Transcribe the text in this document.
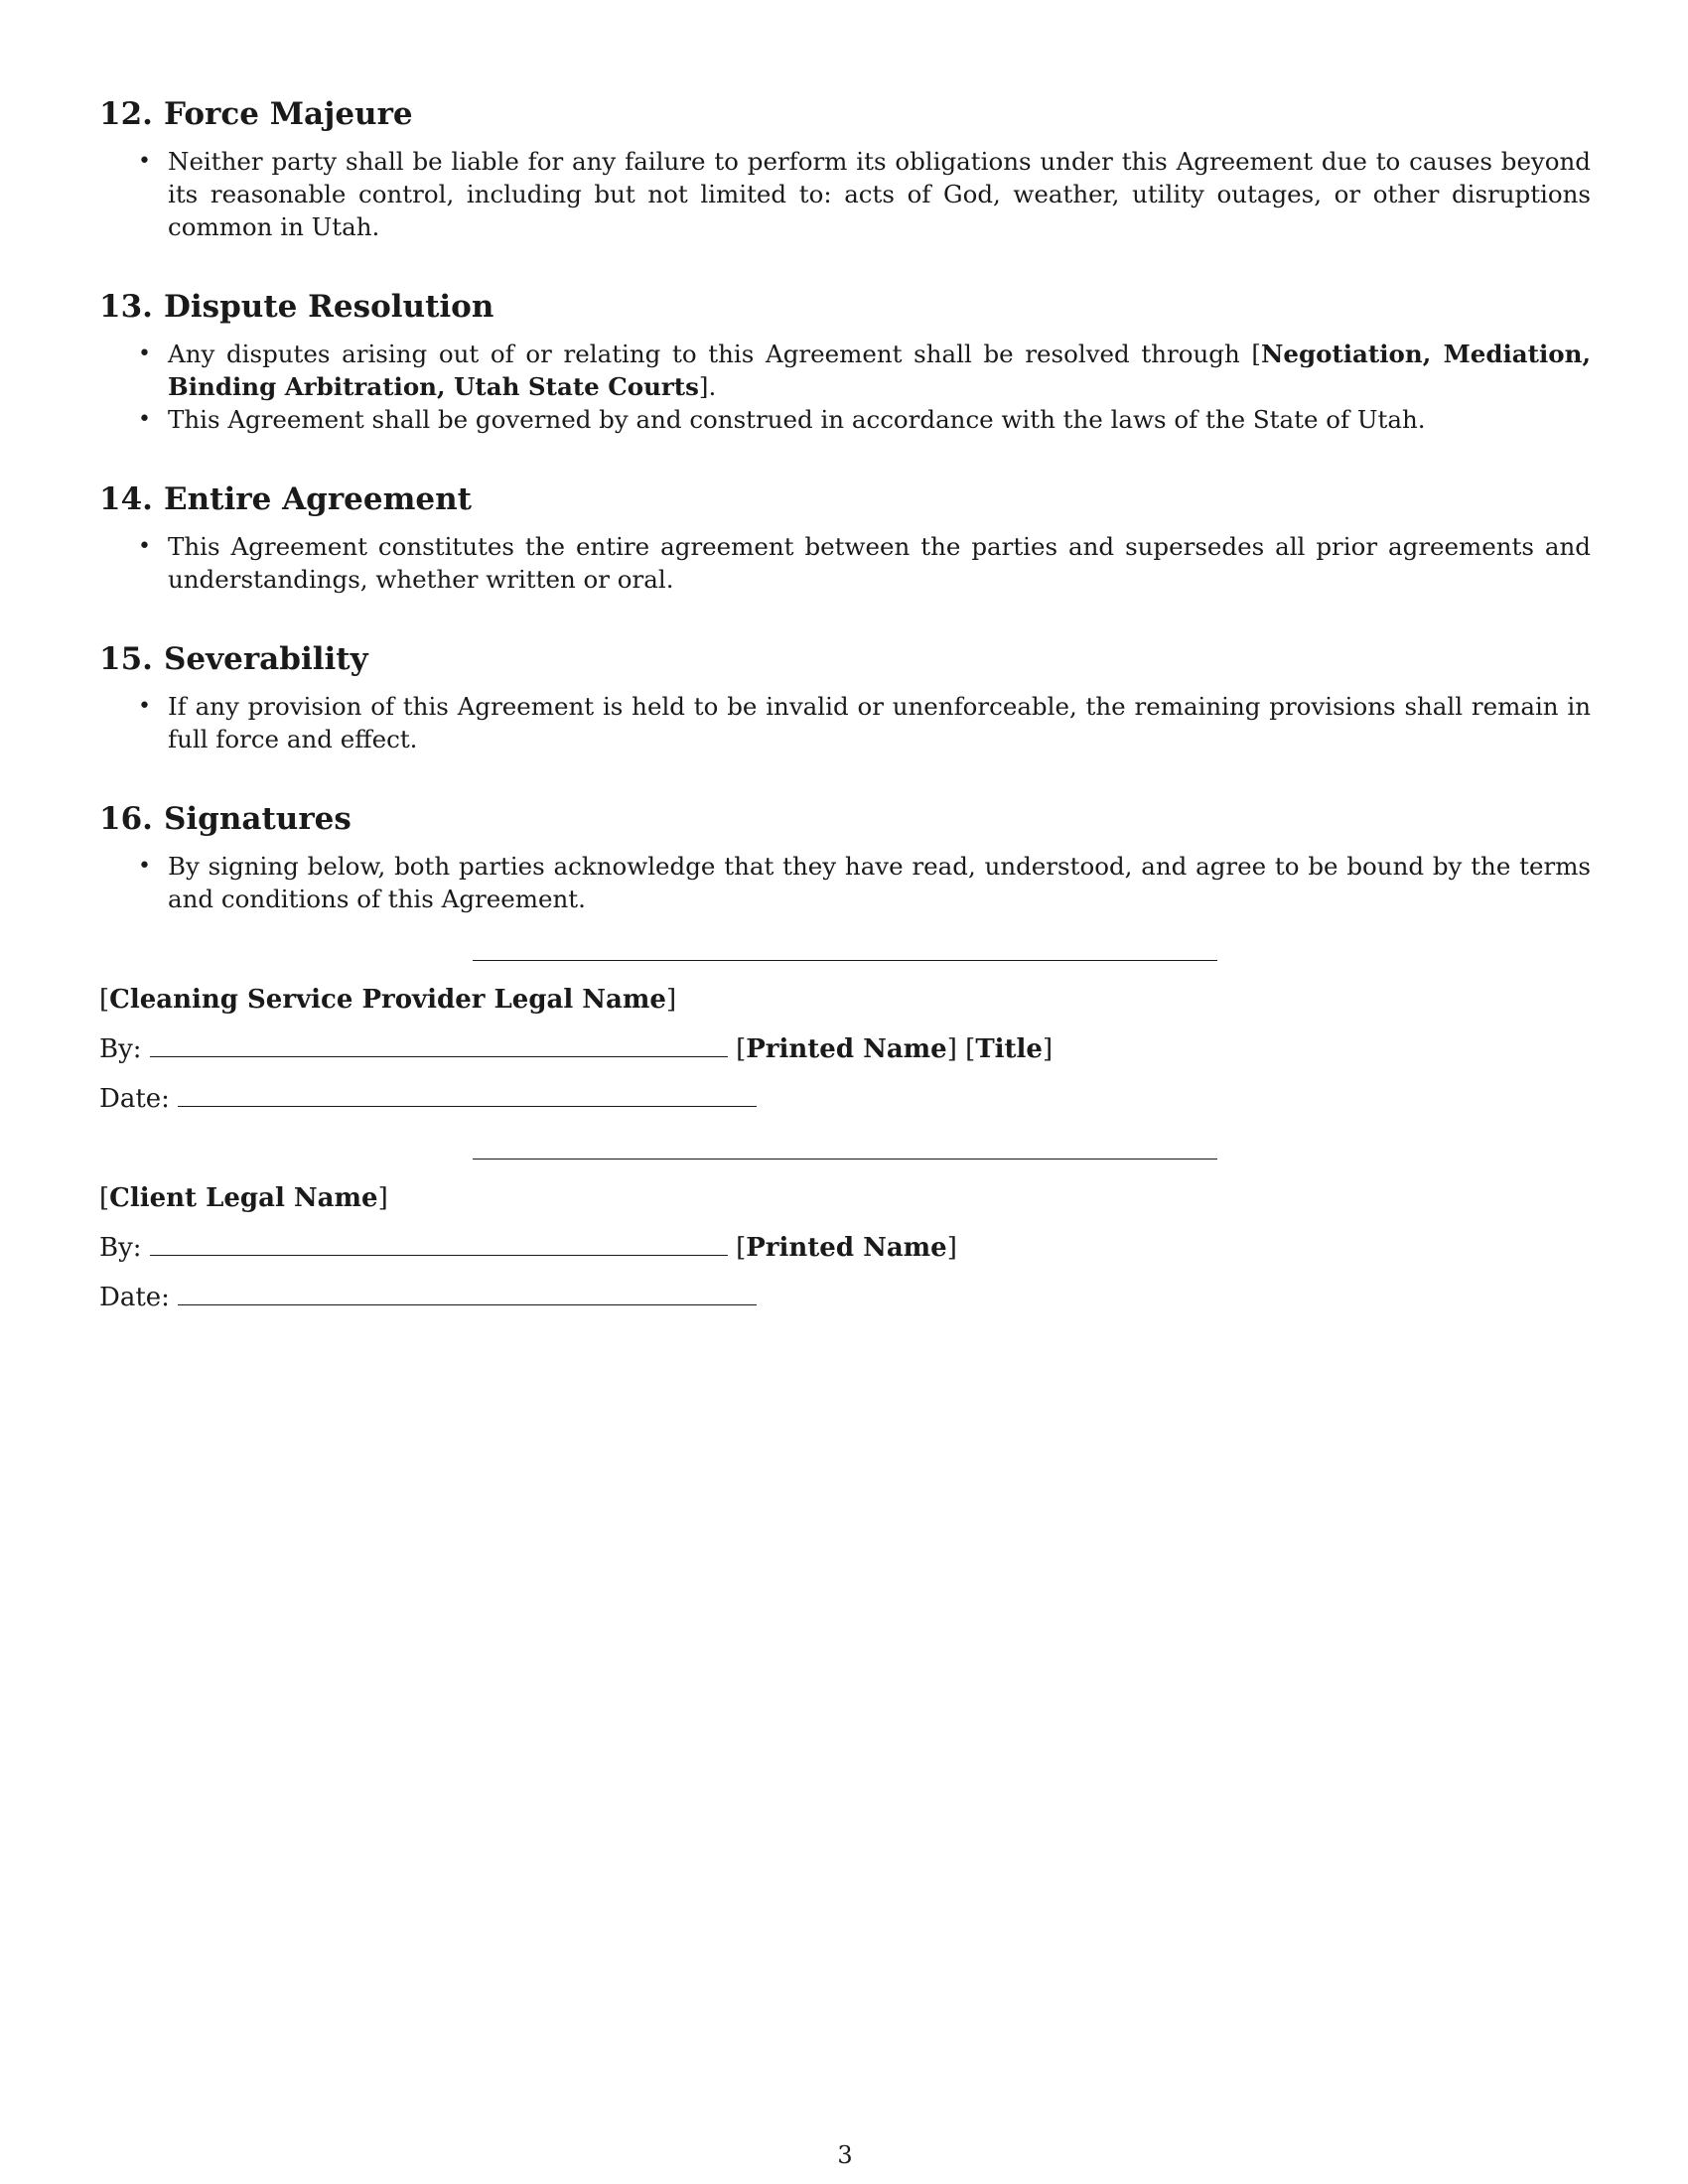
12. Force Majeure
• Neither party shall be liable for any failure to perform its obligations under this Agreement due to causes beyond its reasonable control, including but not limited to: acts of God, weather, utility outages, or other disruptions common in Utah.
13. Dispute Resolution
• Any disputes arising out of or relating to this Agreement shall be resolved through [Negotiation, Mediation, Binding Arbitration, Utah State Courts].
• This Agreement shall be governed by and construed in accordance with the laws of the State of Utah.
14. Entire Agreement
• This Agreement constitutes the entire agreement between the parties and supersedes all prior agreements and understandings, whether written or oral.
15. Severability
• If any provision of this Agreement is held to be invalid or unenforceable, the remaining provisions shall remain in full force and effect.
16. Signatures
• By signing below, both parties acknowledge that they have read, understood, and agree to be bound by the terms and conditions of this Agreement.
[Cleaning Service Provider Legal Name]
By:	[Printed Name] [Title]
Date:
[Client Legal Name]
By:	[Printed Name]
Date:
3
